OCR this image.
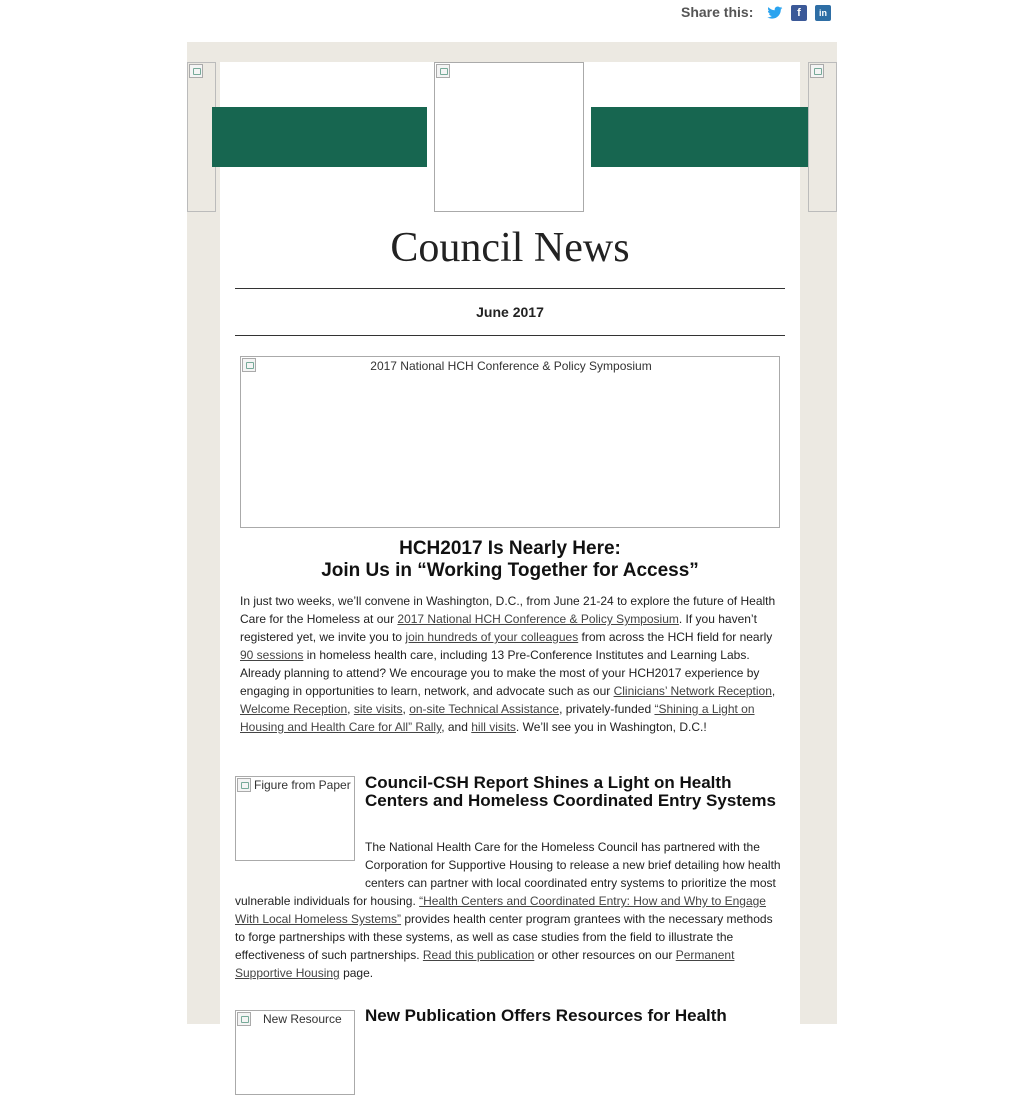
Share this:	f	in
Council News
June 2017
2017 National HCH Conference & Policy Symposium
HCH2017 Is Nearly Here:
Join Us in “Working Together for Access”
In just two weeks, we’ll convene in Washington, D.C., from June 21-24 to explore the future of Health Care for the Homeless at our 2017 National HCH Conference & Policy Symposium. If you haven’t registered yet, we invite you to join hundreds of your colleagues from across the HCH field for nearly 90 sessions in homeless health care, including 13 Pre-Conference Institutes and Learning Labs. Already planning to attend? We encourage you to make the most of your HCH2017 experience by engaging in opportunities to learn, network, and advocate such as our Clinicians’ Network Reception, Welcome Reception, site visits, on-site Technical Assistance, privately-funded “Shining a Light on Housing and Health Care for All” Rally, and hill visits. We’ll see you in Washington, D.C.!
Figure from Paper Council-CSH Report Shines a Light on Health Centers and Homeless Coordinated Entry Systems
The National Health Care for the Homeless Council has partnered with the Corporation for Supportive Housing to release a new brief detailing how health centers can partner with local coordinated entry systems to prioritize the most vulnerable individuals for housing. “Health Centers and Coordinated Entry: How and Why to Engage With Local Homeless Systems” provides health center program grantees with the necessary methods to forge partnerships with these systems, as well as case studies from the field to illustrate the effectiveness of such partnerships. Read this publication or other resources on our Permanent Supportive Housing page.
New Resource New Publication Offers Resources for Health
